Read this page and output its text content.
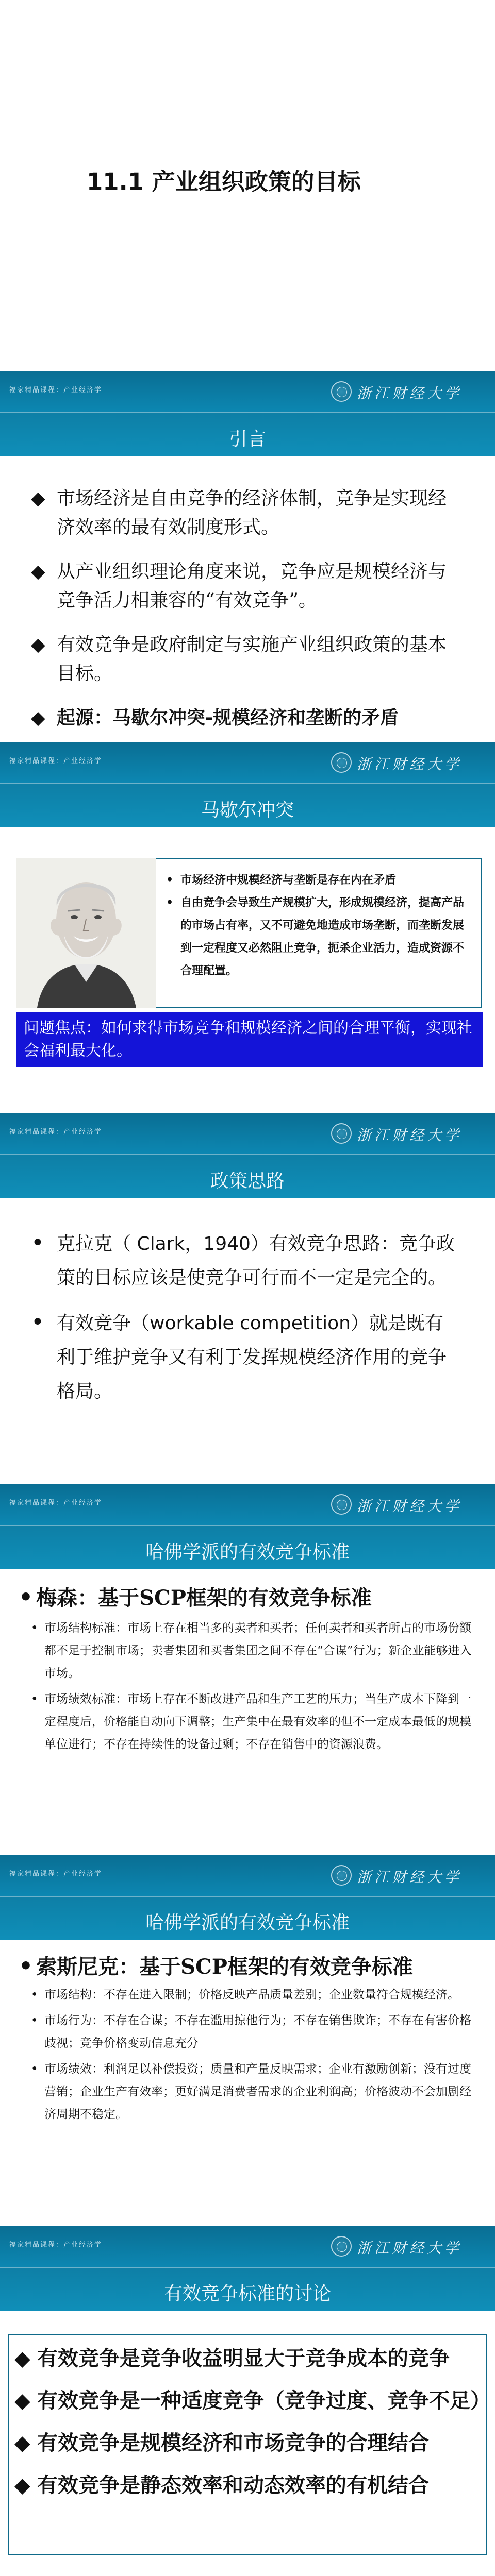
11.1 产业组织政策的目标
福家精品课程：产业经济学	浙江财经大学
引言
◆ 市场经济是自由竞争的经济体制，竞争是实现经济效率的最有效制度形式。
◆ 从产业组织理论角度来说，竞争应是规模经济与竞争活力相兼容的“有效竞争”。
◆ 有效竞争是政府制定与实施产业组织政策的基本目标。
◆ 起源：马歇尔冲突-规模经济和垄断的矛盾
福家精品课程：产业经济学	浙江财经大学
马歇尔冲突
• 市场经济中规模经济与垄断是存在内在矛盾
• 自由竞争会导致生产规模扩大，形成规模经济，提高产品的市场占有率，又不可避免地造成市场垄断，而垄断发展到一定程度又必然阻止竞争，扼杀企业活力，造成资源不合理配置。
问题焦点：如何求得市场竞争和规模经济之间的合理平衡，实现社会福利最大化。
福家精品课程：产业经济学	浙江财经大学
政策思路
• 克拉克（ Clark，1940）有效竞争思路：竞争政策的目标应该是使竞争可行而不一定是完全的。
• 有效竞争（workable competition）就是既有利于维护竞争又有利于发挥规模经济作用的竞争格局。
福家精品课程：产业经济学	浙江财经大学
哈佛学派的有效竞争标准
• 梅森：基于SCP框架的有效竞争标准
• 市场结构标准：市场上存在相当多的卖者和买者；任何卖者和买者所占的市场份额都不足于控制市场；卖者集团和买者集团之间不存在“合谋”行为；新企业能够进入市场。
• 市场绩效标准：市场上存在不断改进产品和生产工艺的压力；当生产成本下降到一定程度后，价格能自动向下调整；生产集中在最有效率的但不一定成本最低的规模单位进行；不存在持续性的设备过剩；不存在销售中的资源浪费。
福家精品课程：产业经济学	浙江财经大学
哈佛学派的有效竞争标准
• 索斯尼克：基于SCP框架的有效竞争标准
• 市场结构：不存在进入限制；价格反映产品质量差别；企业数量符合规模经济。
• 市场行为：不存在合谋；不存在滥用掠他行为；不存在销售欺诈；不存在有害价格歧视；竞争价格变动信息充分
• 市场绩效：利润足以补偿投资；质量和产量反映需求；企业有激励创新；没有过度营销；企业生产有效率；更好满足消费者需求的企业利润高；价格波动不会加剧经济周期不稳定。
福家精品课程：产业经济学	浙江财经大学
有效竞争标准的讨论
◆ 有效竞争是竞争收益明显大于竞争成本的竞争
◆ 有效竞争是一种适度竞争（竞争过度、竞争不足）
◆ 有效竞争是规模经济和市场竞争的合理结合
◆ 有效竞争是静态效率和动态效率的有机结合
